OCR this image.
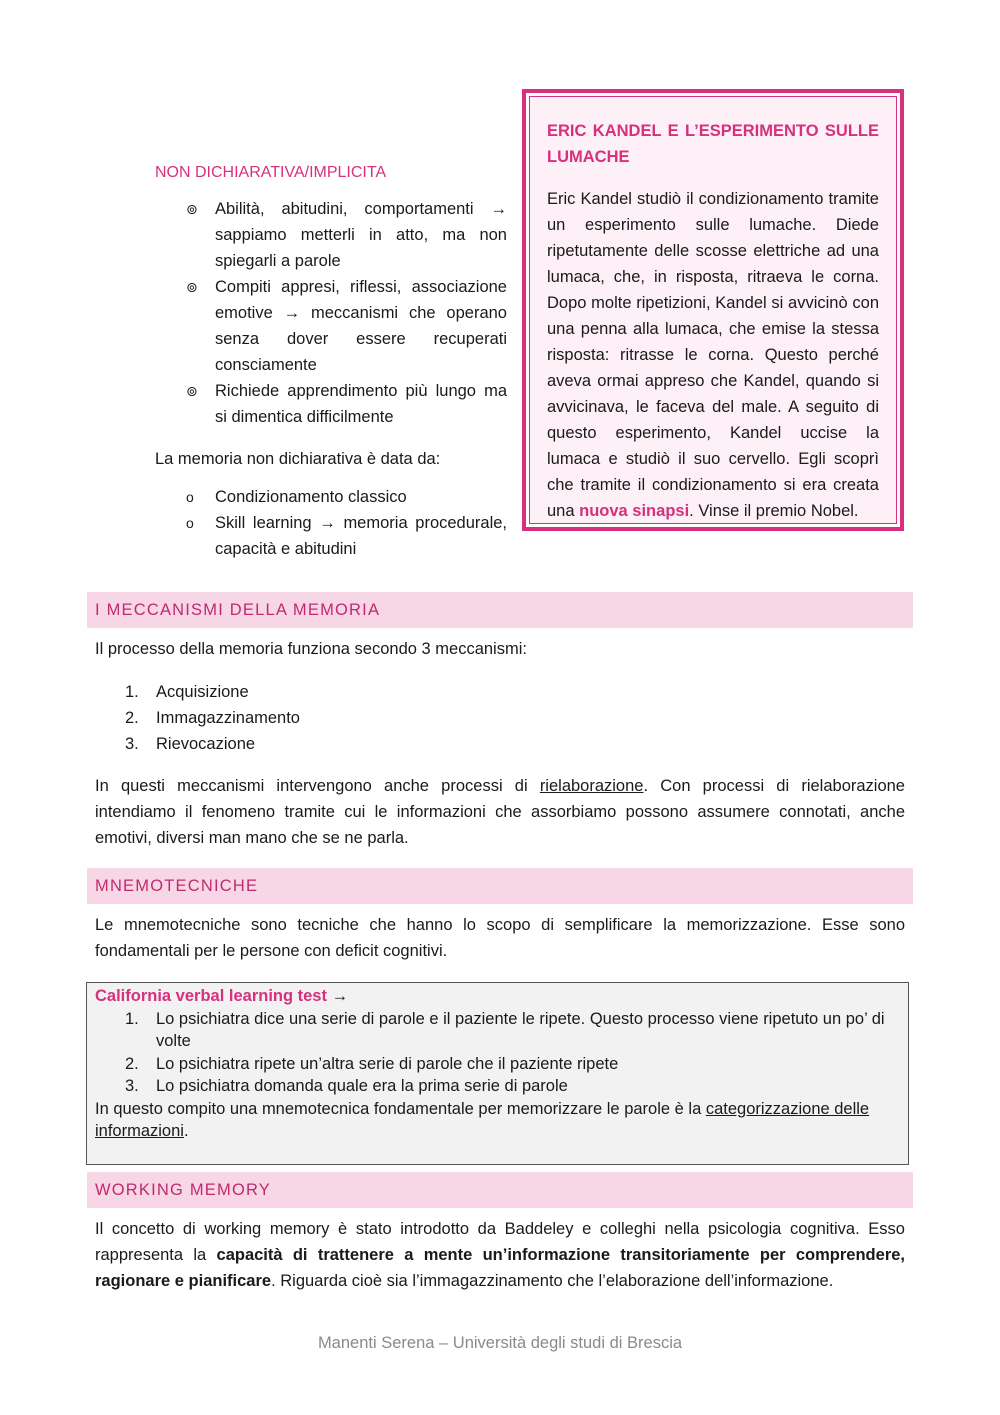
NON DICHIARATIVA/IMPLICITA
⊚ Abilità, abitudini, comportamenti → sappiamo metterli in atto, ma non spiegarli a parole
⊚ Compiti appresi, riflessi, associazione emotive → meccanismi che operano senza dover essere recuperati consciamente
⊚ Richiede apprendimento più lungo ma si dimentica difficilmente

La memoria non dichiarativa è data da:

o Condizionamento classico
o Skill learning → memoria procedurale, capacità e abitudini

ERIC KANDEL E L’ESPERIMENTO SULLE LUMACHE

Eric Kandel studiò il condizionamento tramite un esperimento sulle lumache. Diede ripetutamente delle scosse elettriche ad una lumaca, che, in risposta, ritraeva le corna. Dopo molte ripetizioni, Kandel si avvicinò con una penna alla lumaca, che emise la stessa risposta: ritrasse le corna. Questo perché aveva ormai appreso che Kandel, quando si avvicinava, le faceva del male. A seguito di questo esperimento, Kandel uccise la lumaca e studiò il suo cervello. Egli scoprì che tramite il condizionamento si era creata una nuova sinapsi. Vinse il premio Nobel.

I MECCANISMI DELLA MEMORIA

Il processo della memoria funziona secondo 3 meccanismi:

1. Acquisizione
2. Immagazzinamento
3. Rievocazione

In questi meccanismi intervengono anche processi di rielaborazione. Con processi di rielaborazione intendiamo il fenomeno tramite cui le informazioni che assorbiamo possono assumere connotati, anche emotivi, diversi man mano che se ne parla.

MNEMOTECNICHE

Le mnemotecniche sono tecniche che hanno lo scopo di semplificare la memorizzazione. Esse sono fondamentali per le persone con deficit cognitivi.

California verbal learning test →
1. Lo psichiatra dice una serie di parole e il paziente le ripete. Questo processo viene ripetuto un po’ di volte
2. Lo psichiatra ripete un’altra serie di parole che il paziente ripete
3. Lo psichiatra domanda quale era la prima serie di parole
In questo compito una mnemotecnica fondamentale per memorizzare le parole è la categorizzazione delle informazioni.
WORKING MEMORY

Il concetto di working memory è stato introdotto da Baddeley e colleghi nella psicologia cognitiva. Esso rappresenta la capacità di trattenere a mente un’informazione transitoriamente per comprendere, ragionare e pianificare. Riguarda cioè sia l’immagazzinamento che l’elaborazione dell’informazione.

Manenti Serena – Università degli studi di Brescia
